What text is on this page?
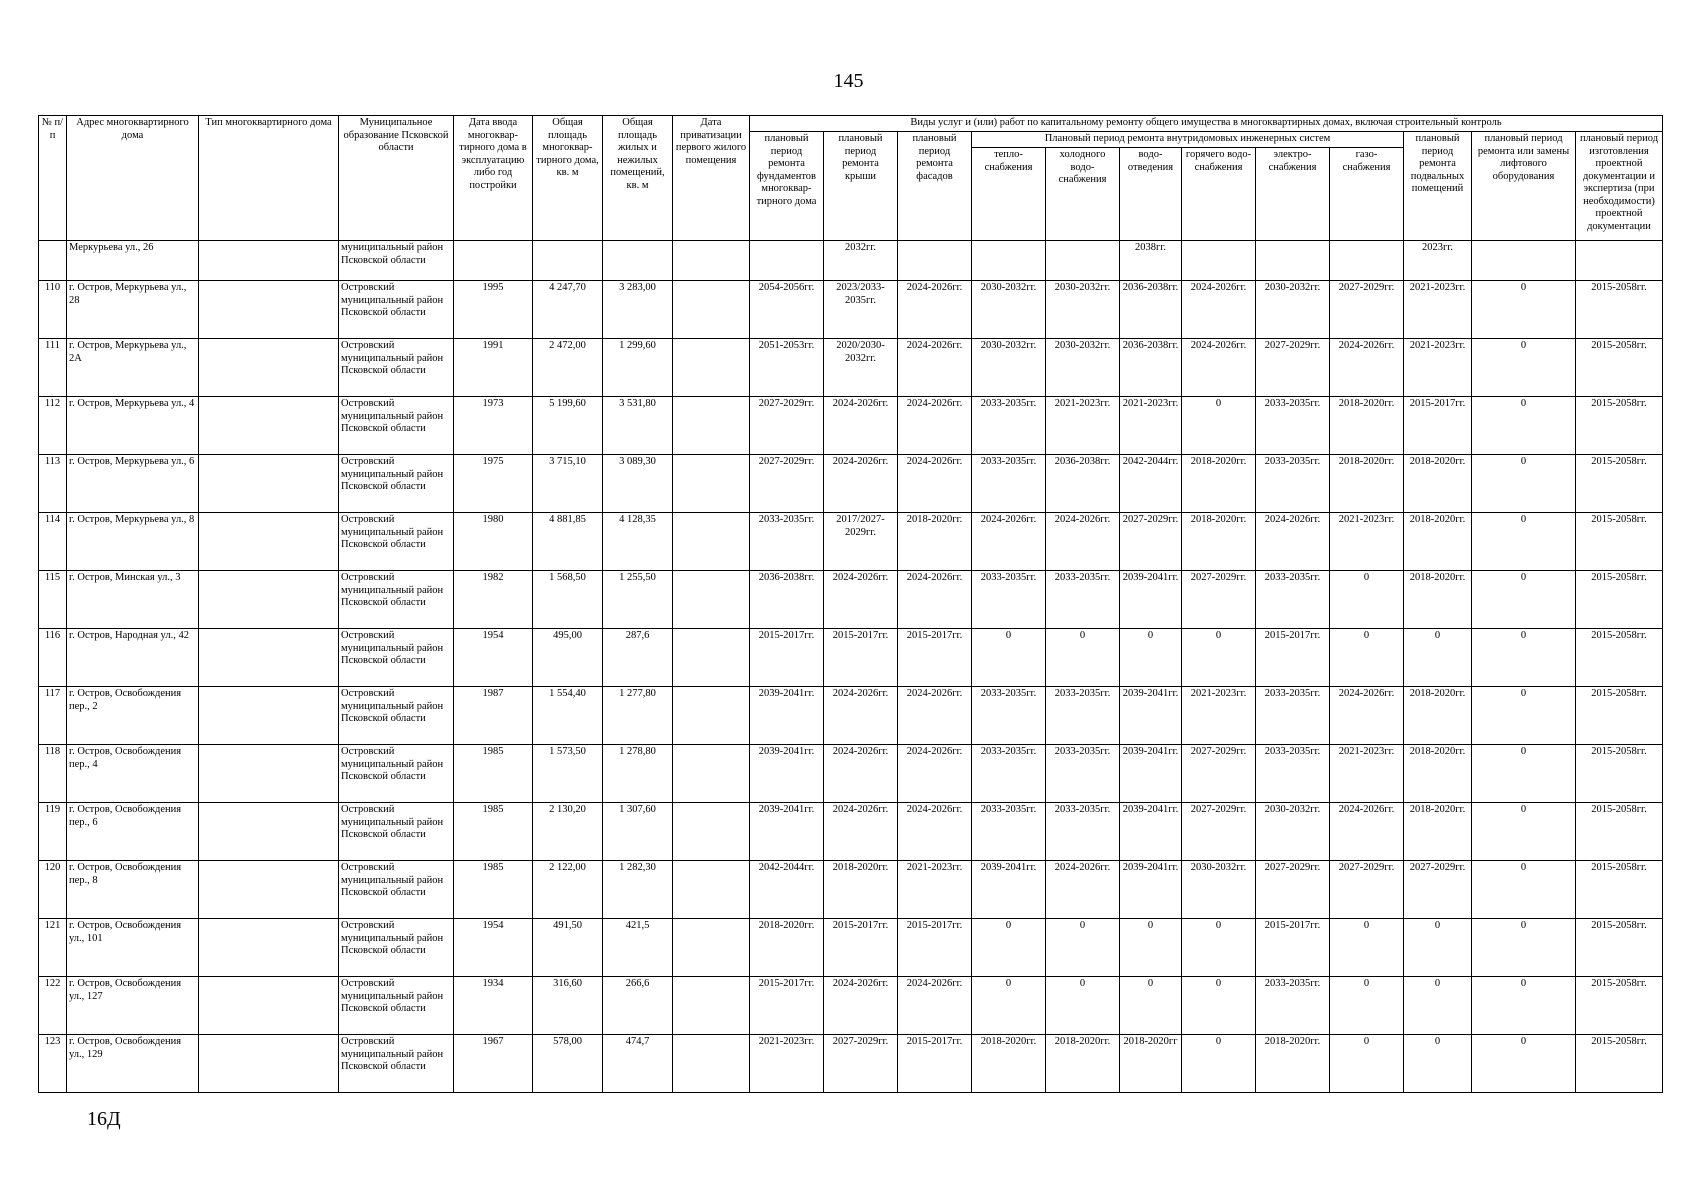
145
№ п/п	Адрес многоквартирного дома	Тип многоквартирного дома	Муниципальное образование Псковской области	Дата ввода многоквар-тирного дома в эксплуатацию либо год постройки	Общая площадь многоквар-тирного дома, кв. м	Общая площадь жилых и нежилых помещений, кв. м	Дата приватизации первого жилого помещения	Виды услуг и (или) работ по капитальному ремонту общего имущества в многоквартирных домах, включая строительный контроль											
								плановый период ремонта фундаментов многоквар-тирного дома	плановый период ремонта крыши	плановый период ремонта фасадов	Плановый период ремонта внутридомовых инженерных систем						плановый период ремонта подвальных помещений	плановый период ремонта или замены лифтового оборудования	плановый период изготовления проектной документации и экспертиза (при необходимости) проектной документации
											тепло-снабжения	холодного водо-снабжения	водо-отведения	горячего водо-снабжения	электро-снабжения	газо-снабжения			
	Меркурьева ул., 26		муниципальный район Псковской области						2032гг.				2038гг.				2023гг.		
110	г. Остров, Меркурьева ул., 28		Островский муниципальный район Псковской области	1995	4 247,70	3 283,00		2054-2056гг.	2023/2033-2035гг.	2024-2026гг.	2030-2032гг.	2030-2032гг.	2036-2038гг.	2024-2026гг.	2030-2032гг.	2027-2029гг.	2021-2023гг.	0	2015-2058гг.
111	г. Остров, Меркурьева ул., 2А		Островский муниципальный район Псковской области	1991	2 472,00	1 299,60		2051-2053гг.	2020/2030-2032гг.	2024-2026гг.	2030-2032гг.	2030-2032гг.	2036-2038гг.	2024-2026гг.	2027-2029гг.	2024-2026гг.	2021-2023гг.	0	2015-2058гг.
112	г. Остров, Меркурьева ул., 4		Островский муниципальный район Псковской области	1973	5 199,60	3 531,80		2027-2029гг.	2024-2026гг.	2024-2026гг.	2033-2035гг.	2021-2023гг.	2021-2023гг.	0	2033-2035гг.	2018-2020гг.	2015-2017гг.	0	2015-2058гг.
113	г. Остров, Меркурьева ул., 6		Островский муниципальный район Псковской области	1975	3 715,10	3 089,30		2027-2029гг.	2024-2026гг.	2024-2026гг.	2033-2035гг.	2036-2038гг.	2042-2044гг.	2018-2020гг.	2033-2035гг.	2018-2020гг.	2018-2020гг.	0	2015-2058гг.
114	г. Остров, Меркурьева ул., 8		Островский муниципальный район Псковской области	1980	4 881,85	4 128,35		2033-2035гг.	2017/2027-2029гг.	2018-2020гг.	2024-2026гг.	2024-2026гг.	2027-2029гг.	2018-2020гг.	2024-2026гг.	2021-2023гг.	2018-2020гг.	0	2015-2058гг.
115	г. Остров, Минская ул., 3		Островский муниципальный район Псковской области	1982	1 568,50	1 255,50		2036-2038гг.	2024-2026гг.	2024-2026гг.	2033-2035гг.	2033-2035гг.	2039-2041гг.	2027-2029гг.	2033-2035гг.	0	2018-2020гг.	0	2015-2058гг.
116	г. Остров, Народная ул., 42		Островский муниципальный район Псковской области	1954	495,00	287,6		2015-2017гг.	2015-2017гг.	2015-2017гг.	0	0	0	0	2015-2017гг.	0	0	0	2015-2058гг.
117	г. Остров, Освобождения пер., 2		Островский муниципальный район Псковской области	1987	1 554,40	1 277,80		2039-2041гг.	2024-2026гг.	2024-2026гг.	2033-2035гг.	2033-2035гг.	2039-2041гг.	2021-2023гг.	2033-2035гг.	2024-2026гг.	2018-2020гг.	0	2015-2058гг.
118	г. Остров, Освобождения пер., 4		Островский муниципальный район Псковской области	1985	1 573,50	1 278,80		2039-2041гг.	2024-2026гг.	2024-2026гг.	2033-2035гг.	2033-2035гг.	2039-2041гг.	2027-2029гг.	2033-2035гг.	2021-2023гг.	2018-2020гг.	0	2015-2058гг.
119	г. Остров, Освобождения пер., 6		Островский муниципальный район Псковской области	1985	2 130,20	1 307,60		2039-2041гг.	2024-2026гг.	2024-2026гг.	2033-2035гг.	2033-2035гг.	2039-2041гг.	2027-2029гг.	2030-2032гг.	2024-2026гг.	2018-2020гг.	0	2015-2058гг.
120	г. Остров, Освобождения пер., 8		Островский муниципальный район Псковской области	1985	2 122,00	1 282,30		2042-2044гг.	2018-2020гг.	2021-2023гг.	2039-2041гг.	2024-2026гг.	2039-2041гг.	2030-2032гг.	2027-2029гг.	2027-2029гг.	2027-2029гг.	0	2015-2058гг.
121	г. Остров, Освобождения ул., 101		Островский муниципальный район Псковской области	1954	491,50	421,5		2018-2020гг.	2015-2017гг.	2015-2017гг.	0	0	0	0	2015-2017гг.	0	0	0	2015-2058гг.
122	г. Остров, Освобождения ул., 127		Островский муниципальный район Псковской области	1934	316,60	266,6		2015-2017гг.	2024-2026гг.	2024-2026гг.	0	0	0	0	2033-2035гг.	0	0	0	2015-2058гг.
123	г. Остров, Освобождения ул., 129		Островский муниципальный район Псковской области	1967	578,00	474,7		2021-2023гг.	2027-2029гг.	2015-2017гг.	2018-2020гг.	2018-2020гг.	2018-2020гг	0	2018-2020гг.	0	0	0	2015-2058гг.
16Д
